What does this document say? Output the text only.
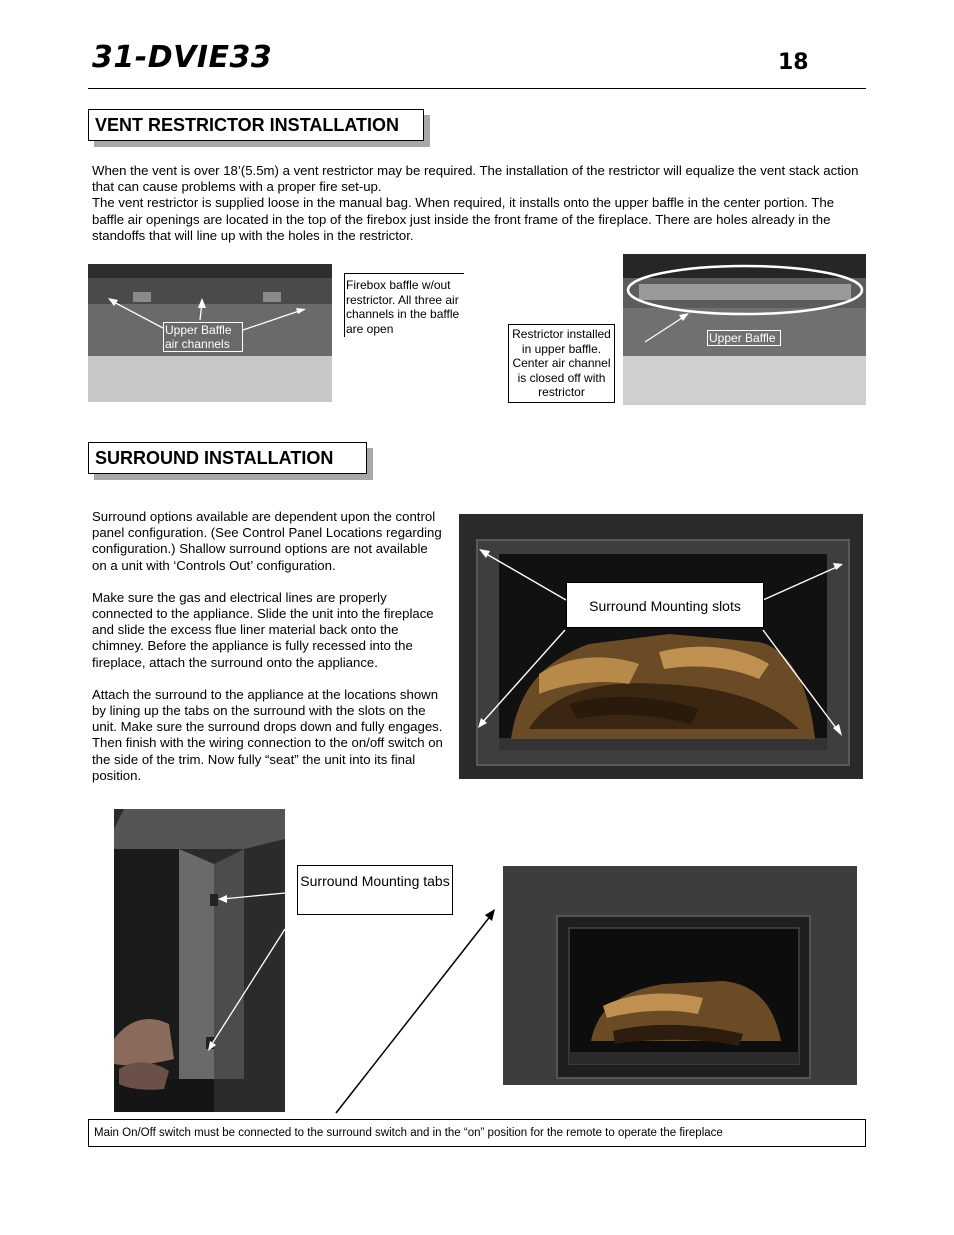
31-DVIE33	18
VENT RESTRICTOR INSTALLATION

When the vent is over 18’(5.5m) a vent restrictor may be required. The installation of the restrictor will equalize the vent stack action that can cause problems with a proper fire set-up.

The vent restrictor is supplied loose in the manual bag. When required, it installs onto the upper baffle in the center portion. The baffle air openings are located in the top of the firebox just inside the front frame of the fireplace. There are holes already in the standoffs that will line up with the holes in the restrictor.

Upper Baffle air channels
Firebox baffle w/out restrictor. All three air channels in the baffle are open	Restrictor installed in upper baffle. Center air channel is closed off with restrictor
Upper Baffle
SURROUND INSTALLATION

Surround options available are dependent upon the control panel configuration. (See Control Panel Locations regarding configuration.) Shallow surround options are not available on a unit with ‘Controls Out’ configuration.

Make sure the gas and electrical lines are properly connected to the appliance. Slide the unit into the fireplace and slide the excess flue liner material back onto the chimney. Before the appliance is fully recessed into the fireplace, attach the surround onto the appliance.

Attach the surround to the appliance at the locations shown by lining up the tabs on the surround with the slots on the unit. Make sure the surround drops down and fully engages. Then finish with the wiring connection to the on/off switch on the side of the trim. Now fully “seat” the unit into its final position.

Surround Mounting slots
Surround Mounting tabs
Main On/Off switch must be connected to the surround switch and in the “on” position for the remote to operate the fireplace
